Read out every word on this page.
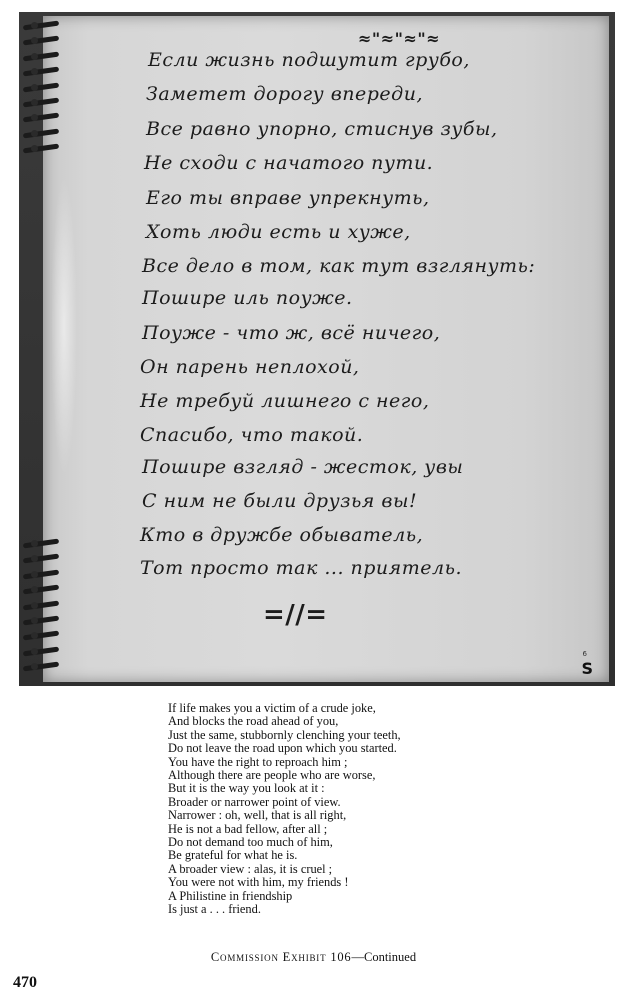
≈"≈"≈"≈
Если жизнь подшутит грубо,
Заметет дорогу впереди,
Все равно упорно, стиснув зубы,
Не сходи с начатого пути.
Его ты вправе упрекнуть,
Хоть люди есть и хуже,
Все дело в том, как тут взглянуть:
Пошире иль поуже.
Поуже - что ж, всё ничего,
Он парень неплохой,
Не требуй лишнего с него,
Спасибо, что такой.
Пошире взгляд - жесток, увы
С ним не были друзья вы!
Кто в дружбе обыватель,
Тот просто так ... приятель.
=//=
6
S
If life makes you a victim of a crude joke,
And blocks the road ahead of you,
Just the same, stubbornly clenching your teeth,
Do not leave the road upon which you started.
You have the right to reproach him ;
Although there are people who are worse,
But it is the way you look at it :
Broader or narrower point of view.
Narrower : oh, well, that is all right,
He is not a bad fellow, after all ;
Do not demand too much of him,
Be grateful for what he is.
A broader view : alas, it is cruel ;
You were not with him, my friends !
A Philistine in friendship
Is just a . . . friend.
Commission Exhibit 106—Continued
470
